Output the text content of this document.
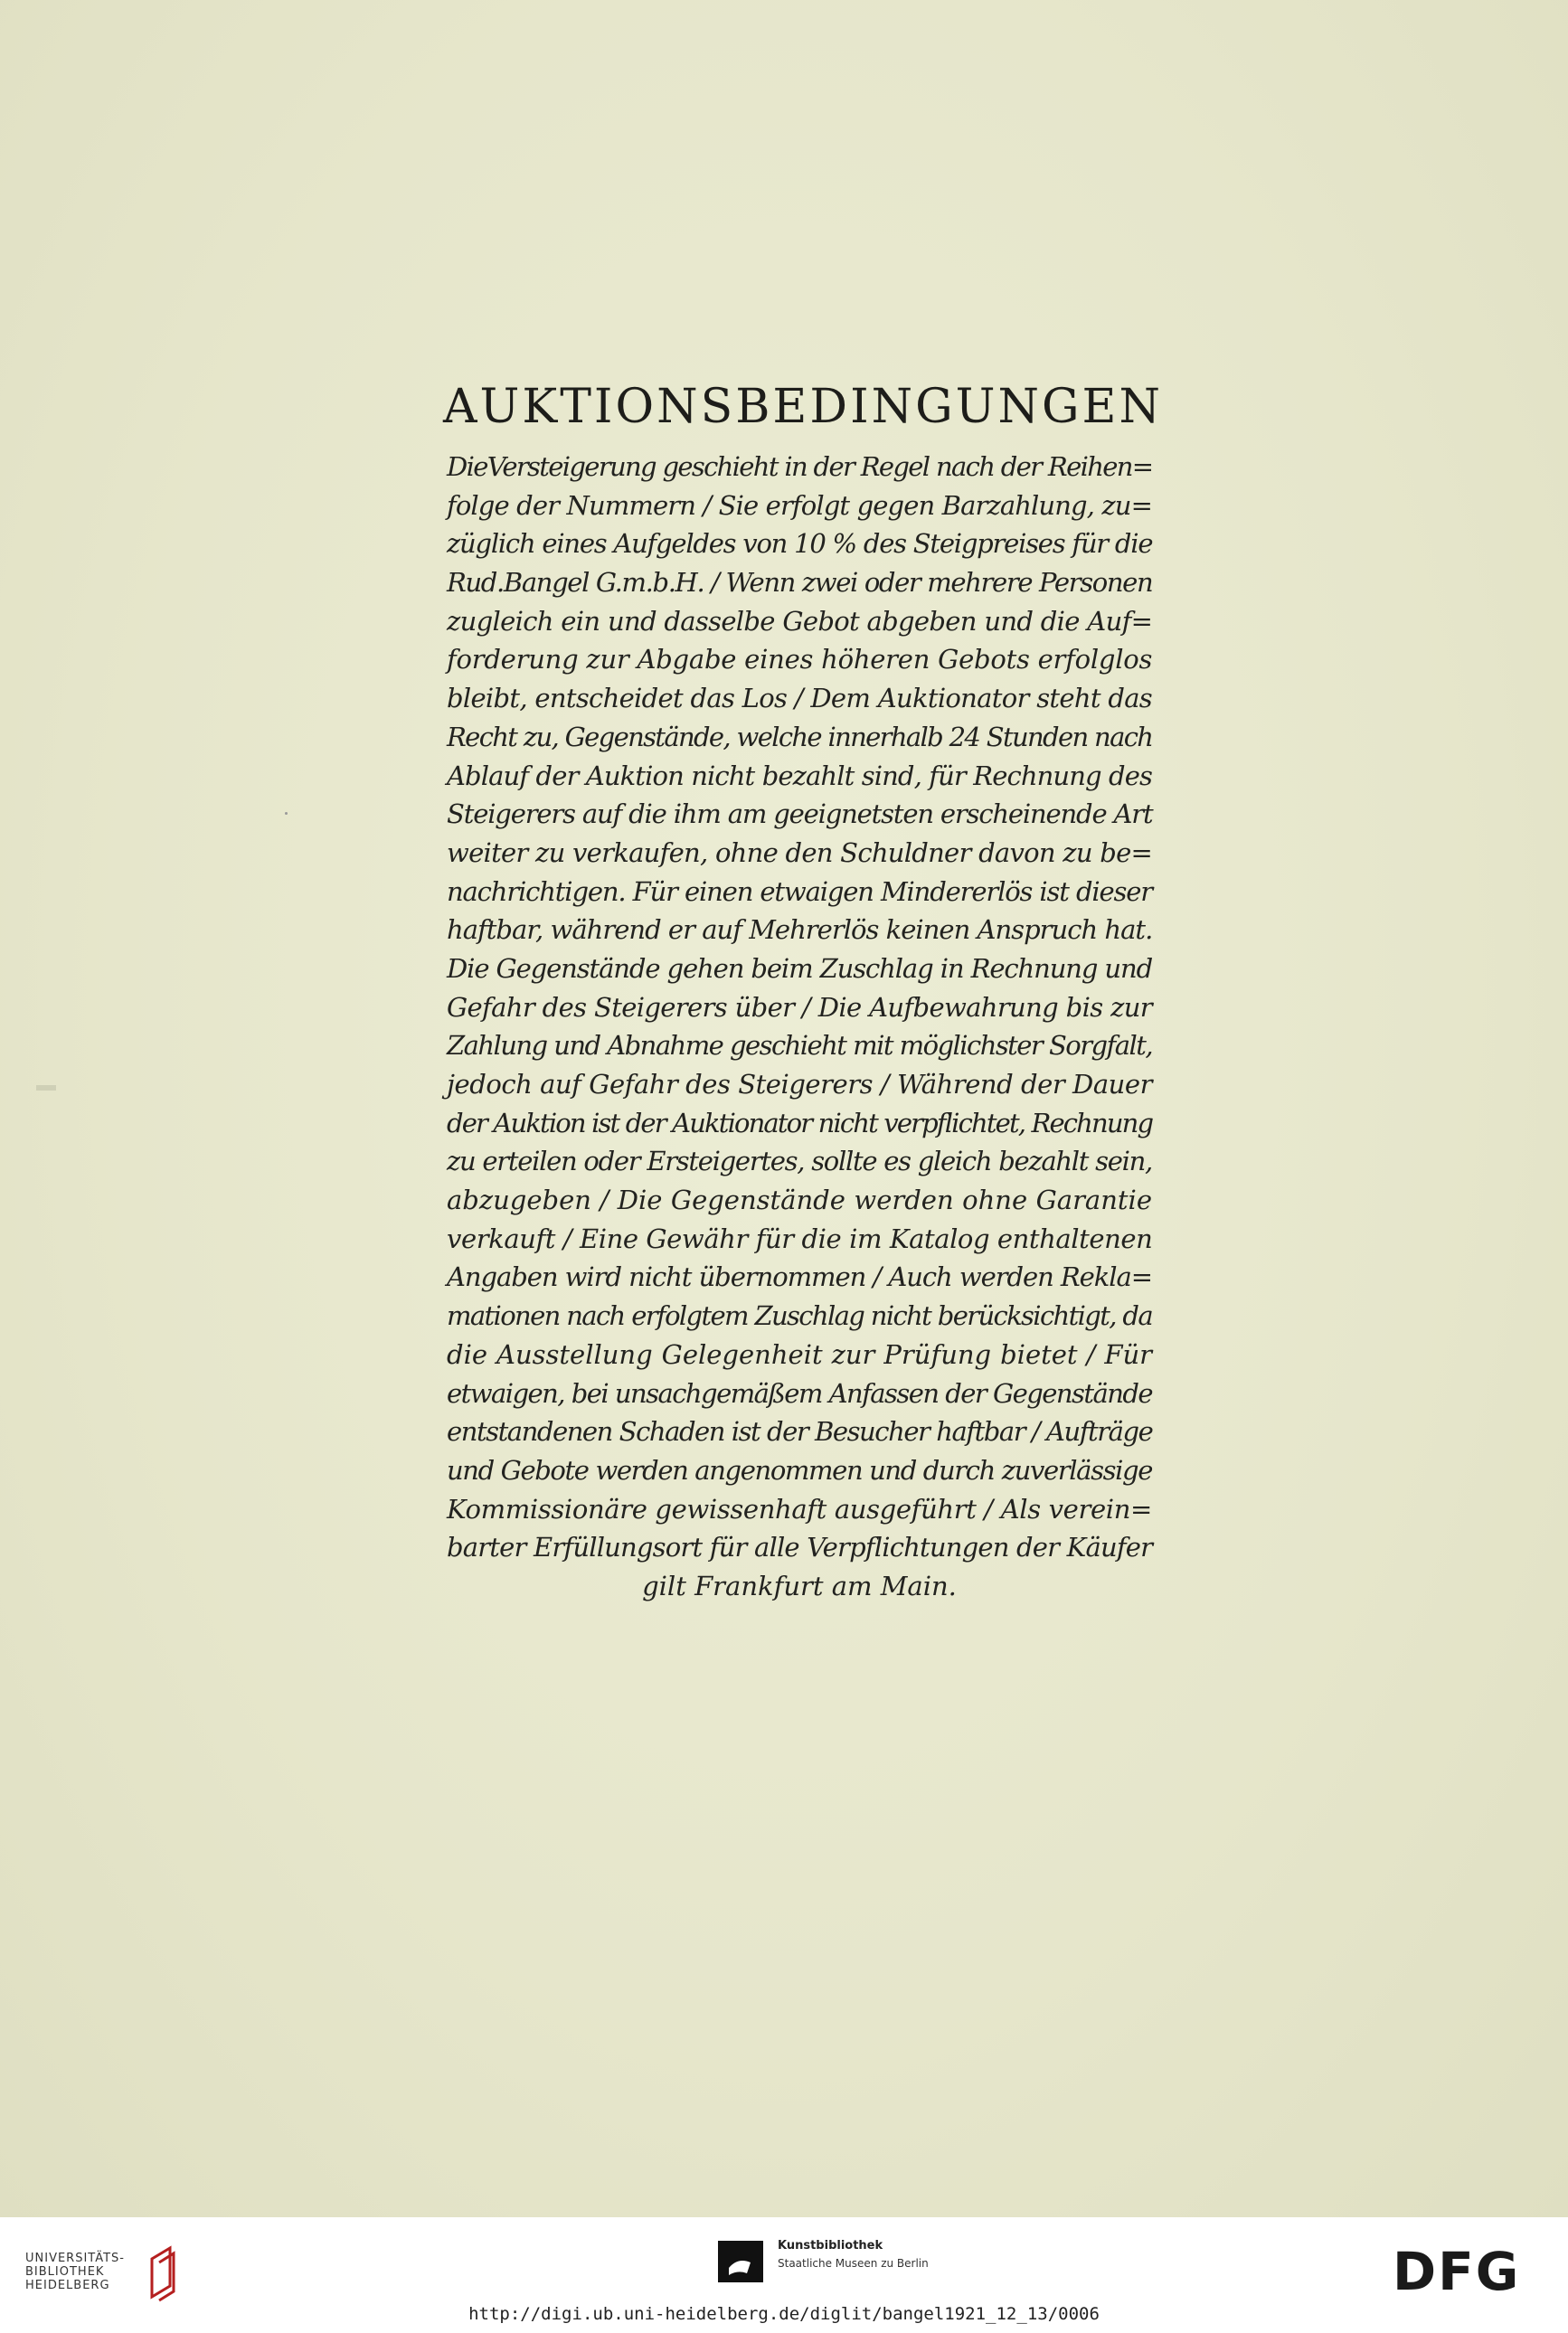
AUKTIONSBEDINGUNGEN
DieVersteigerung geschieht in der Regel nach der Reihen=
folge der Nummern / Sie erfolgt gegen Barzahlung, zu=
züglich eines Aufgeldes von 10 % des Steigpreises für die
Rud.Bangel G.m.b.H. / Wenn zwei oder mehrere Personen
zugleich ein und dasselbe Gebot abgeben und die Auf=
forderung zur Abgabe eines höheren Gebots erfolglos
bleibt, entscheidet das Los / Dem Auktionator steht das
Recht zu, Gegenstände, welche innerhalb 24 Stunden nach
Ablauf der Auktion nicht bezahlt sind, für Rechnung des
Steigerers auf die ihm am geeignetsten erscheinende Art
weiter zu verkaufen, ohne den Schuldner davon zu be=
nachrichtigen. Für einen etwaigen Mindererlös ist dieser
haftbar, während er auf Mehrerlös keinen Anspruch hat.
Die Gegenstände gehen beim Zuschlag in Rechnung und
Gefahr des Steigerers über / Die Aufbewahrung bis zur
Zahlung und Abnahme geschieht mit möglichster Sorgfalt,
jedoch auf Gefahr des Steigerers / Während der Dauer
der Auktion ist der Auktionator nicht verpflichtet, Rechnung
zu erteilen oder Ersteigertes, sollte es gleich bezahlt sein,
abzugeben / Die Gegenstände werden ohne Garantie
verkauft / Eine Gewähr für die im Katalog enthaltenen
Angaben wird nicht übernommen / Auch werden Rekla=
mationen nach erfolgtem Zuschlag nicht berücksichtigt, da
die Ausstellung Gelegenheit zur Prüfung bietet / Für
etwaigen, bei unsachgemäßem Anfassen der Gegenstände
entstandenen Schaden ist der Besucher haftbar / Aufträge
und Gebote werden angenommen und durch zuverlässige
Kommissionäre gewissenhaft ausgeführt / Als verein=
barter Erfüllungsort für alle Verpflichtungen der Käufer
gilt Frankfurt am Main.
UNIVERSITÄTS-
BIBLIOTHEK
HEIDELBERG
Kunstbibliothek
Staatliche Museen zu Berlin	DFG
http://digi.ub.uni-heidelberg.de/diglit/bangel1921_12_13/0006
